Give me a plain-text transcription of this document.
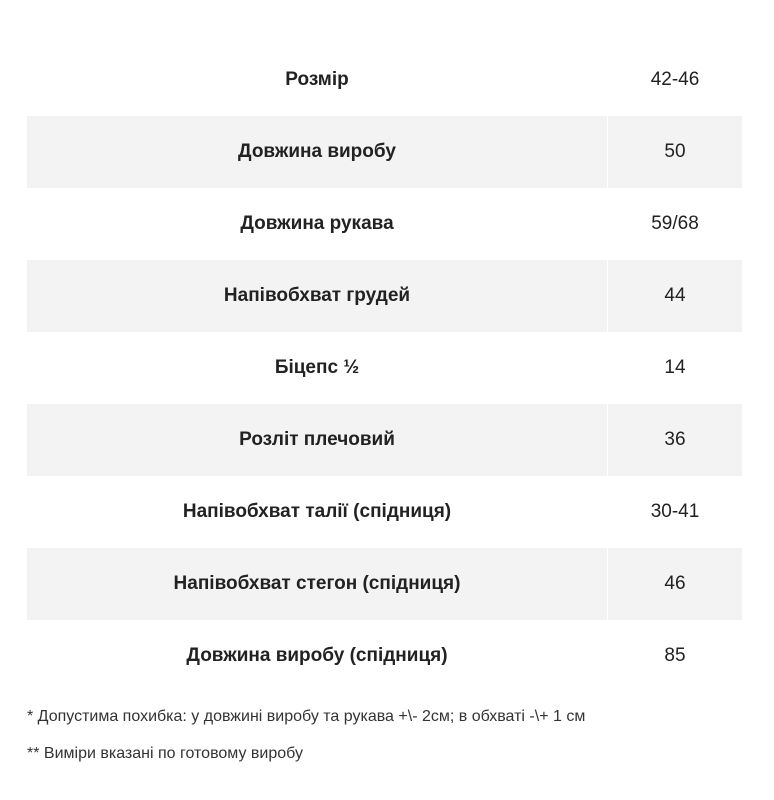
Розмір	42-46
Довжина виробу	50
Довжина рукава	59/68
Напівобхват грудей	44
Біцепс ½	14
Розліт плечовий	36
Напівобхват талії (спідниця)	30-41
Напівобхват стегон (спідниця)	46
Довжина виробу (спідниця)	85

* Допустима похибка: у довжині виробу та рукава +\- 2см; в обхваті -\+ 1 см

** Виміри вказані по готовому виробу
